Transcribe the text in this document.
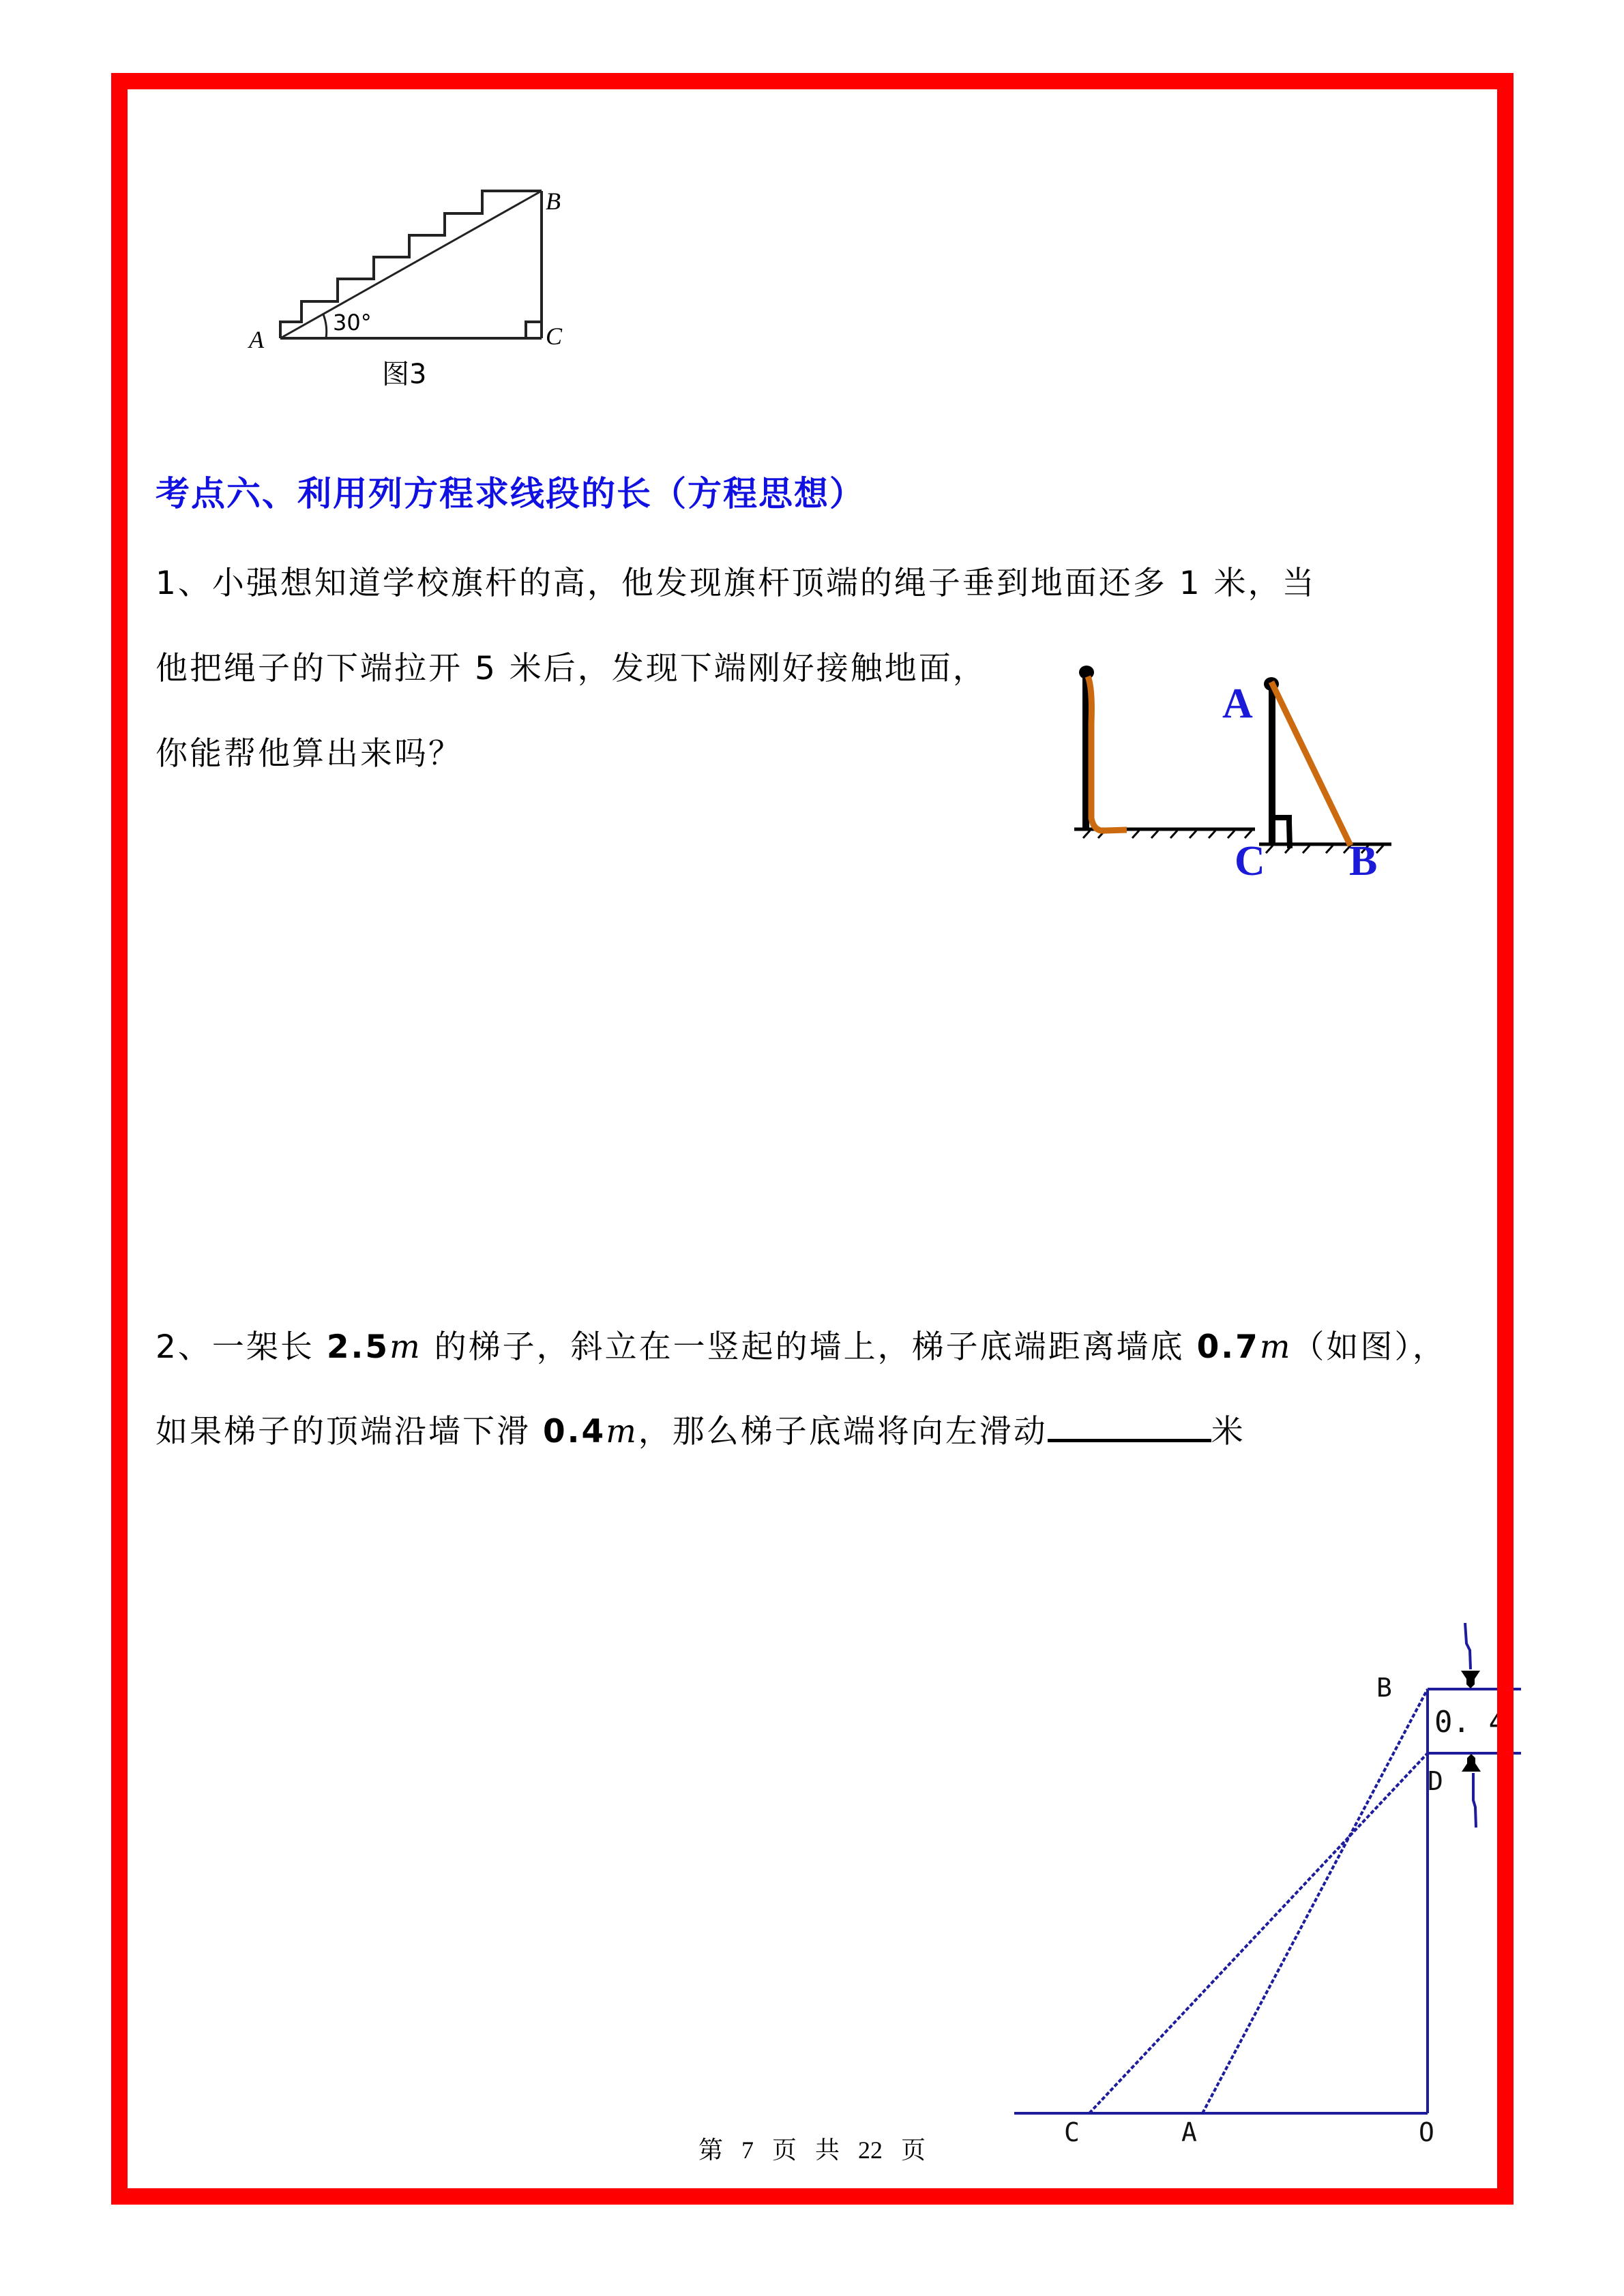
A
B
C
30°
图3
考点六、利用列方程求线段的长（方程思想）
1、小强想知道学校旗杆的高，他发现旗杆顶端的绳子垂到地面还多 1 米，当
他把绳子的下端拉开 5 米后，发现下端刚好接触地面，
你能帮他算出来吗？
A
C B
2、一架长 2.5m 的梯子，斜立在一竖起的墙上，梯子底端距离墙底 0.7m（如图），
如果梯子的顶端沿墙下滑 0.4m，那么梯子底端将向左滑动	米
B
D
C	A	O
0. 4
第 7 页 共 22 页
